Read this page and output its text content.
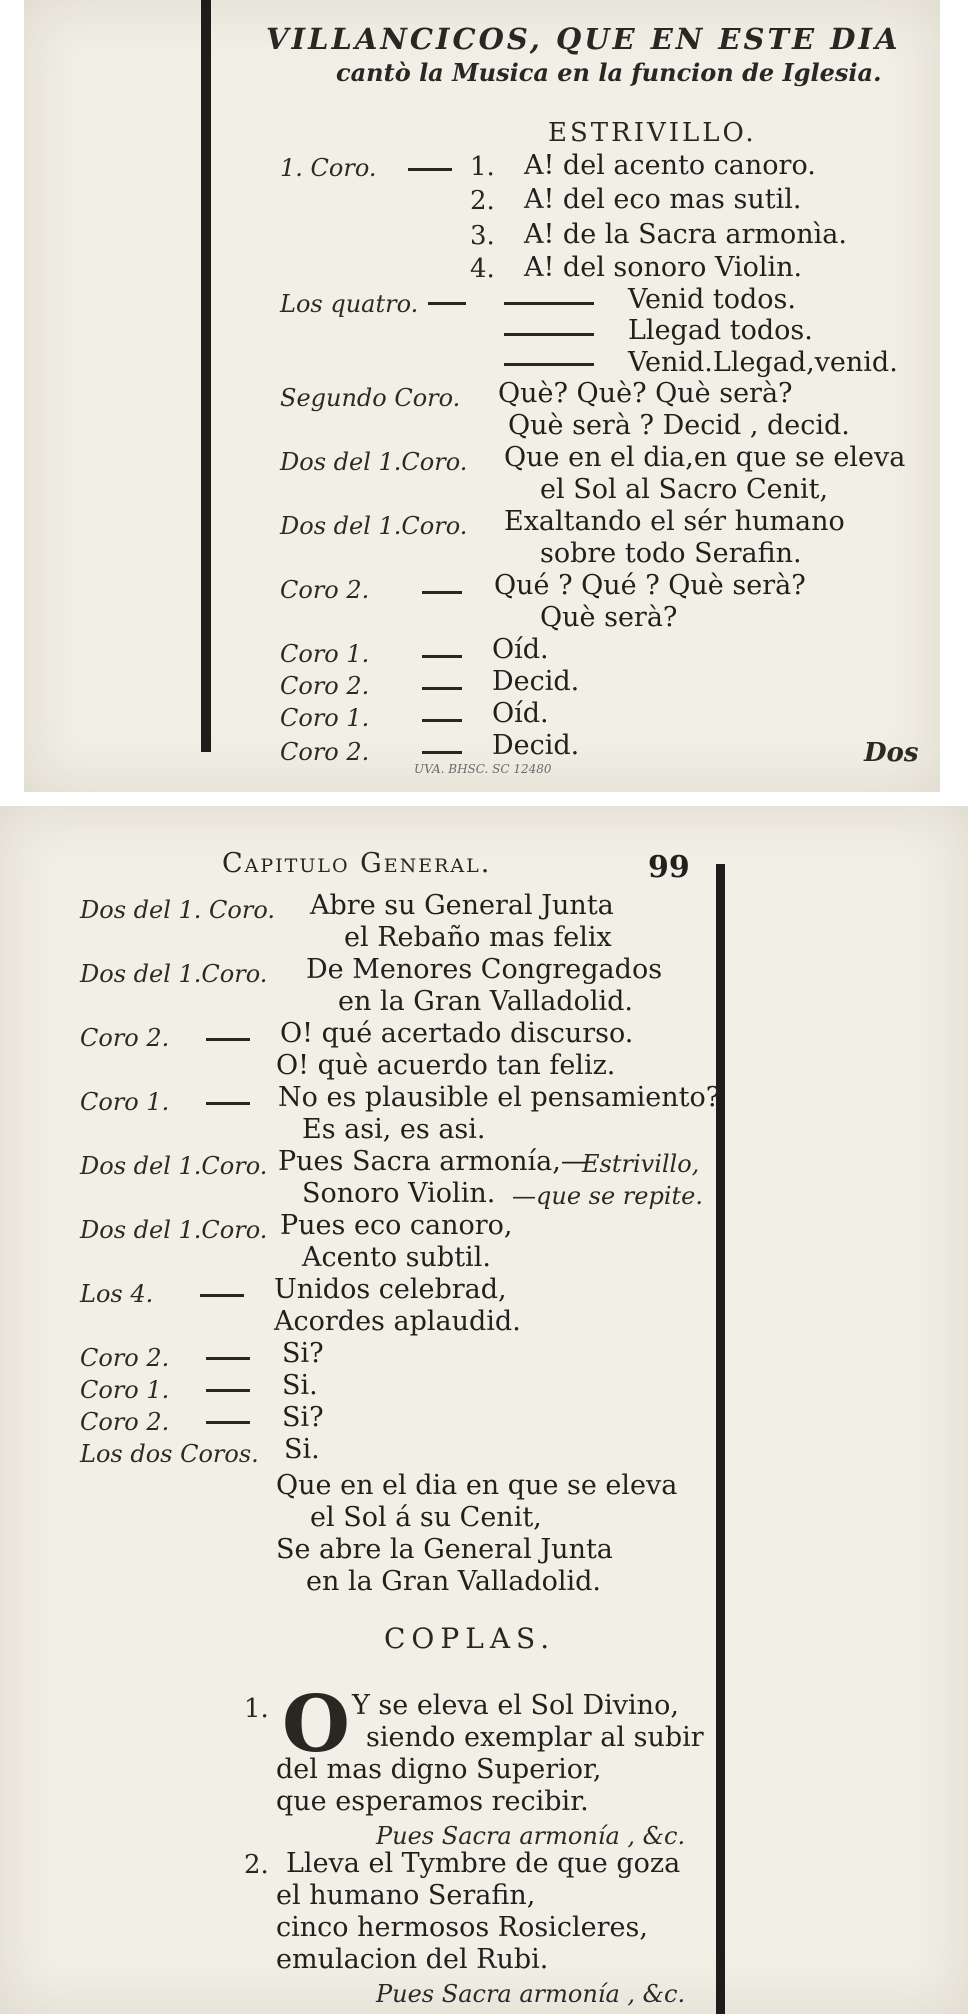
VILLANCICOS, QUE EN ESTE DIA
cantò la Musica en la funcion de Iglesia.
ESTRIVILLO.
1. Coro.	1. A! del acento canoro.
2. A! del eco mas sutil.
3. A! de la Sacra armonìa.
4. A! del sonoro Violin.
Los quatro.	Venid todos.
Llegad todos.
Venid.Llegad,venid.
Segundo Coro. Què? Què? Què serà?
Què serà ? Decid , decid.
Dos del 1.Coro. Que en el dia,en que se eleva
el Sol al Sacro Cenit,
Dos del 1.Coro. Exaltando el sér humano
sobre todo Serafin.
Coro 2.	Qué ? Qué ? Què serà?
Què serà?
Coro 1.	Oíd.
Coro 2.	Decid.
Coro 1.	Oíd.
Coro 2.	Decid.
UVA. BHSC. SC 12480
Dos
Capitulo General.	99
Dos del 1. Coro. Abre su General Junta
el Rebaño mas felix
Dos del 1.Coro. De Menores Congregados
en la Gran Valladolid.
Coro 2.	O! qué acertado discurso.
O! què acuerdo tan feliz.
Coro 1.	No es plausible el pensamiento?
Es asi, es asi.
Dos del 1.Coro. Pues Sacra armonía,—
Estrivillo,
Sonoro Violin. —que se repite.
Dos del 1.Coro. Pues eco canoro,
Acento subtil.
Los 4.	Unidos celebrad,
Acordes aplaudid.
Coro 2.	Si?
Coro 1.	Si.
Coro 2.	Si?
Los dos Coros. Si.
Que en el dia en que se eleva
el Sol á su Cenit,
Se abre la General Junta
en la Gran Valladolid.
COPLAS.
1. O Y se eleva el Sol Divino,
siendo exemplar al subir
del mas digno Superior,
que esperamos recibir.
Pues Sacra armonía , &c.
2. Lleva el Tymbre de que goza
el humano Serafin,
cinco hermosos Rosicleres,
emulacion del Rubi.
Pues Sacra armonía , &c.
